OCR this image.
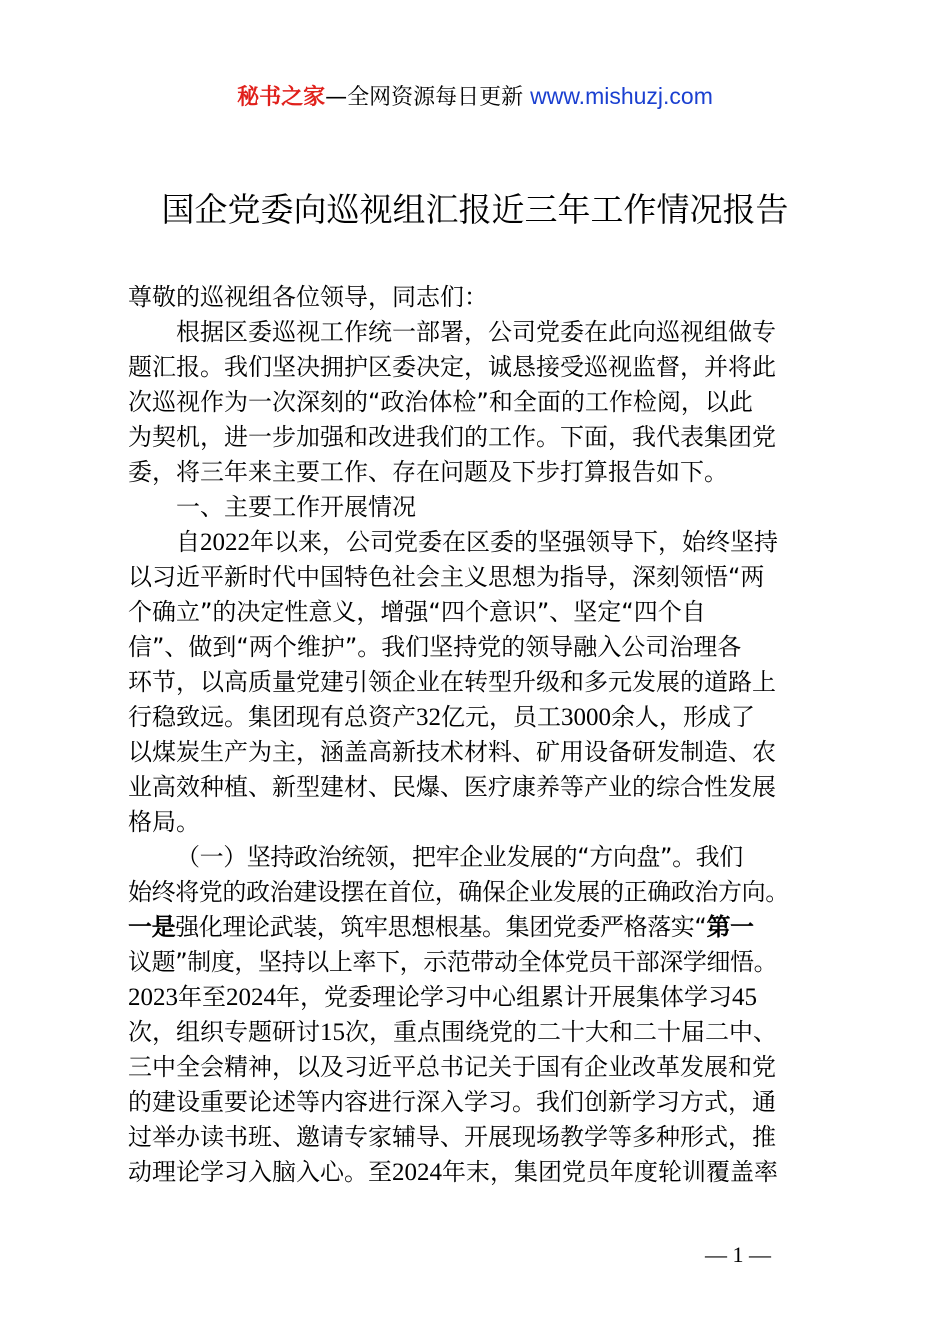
秘书之家—全网资源每日更新 www.mishuzj.com
国企党委向巡视组汇报近三年工作情况报告
尊敬的巡视组各位领导，同志们：
根据区委巡视工作统一部署，公司党委在此向巡视组做专
题汇报。我们坚决拥护区委决定，诚恳接受巡视监督，并将此
次巡视作为一次深刻的“政治体检”和全面的工作检阅，以此
为契机，进一步加强和改进我们的工作。下面，我代表集团党
委，将三年来主要工作、存在问题及下步打算报告如下。
一、主要工作开展情况
自2022年以来，公司党委在区委的坚强领导下，始终坚持
以习近平新时代中国特色社会主义思想为指导，深刻领悟“两
个确立”的决定性意义，增强“四个意识”、坚定“四个自
信”、做到“两个维护”。我们坚持党的领导融入公司治理各
环节，以高质量党建引领企业在转型升级和多元发展的道路上
行稳致远。集团现有总资产32亿元，员工3000余人，形成了
以煤炭生产为主，涵盖高新技术材料、矿用设备研发制造、农
业高效种植、新型建材、民爆、医疗康养等产业的综合性发展
格局。
（一）坚持政治统领，把牢企业发展的“方向盘”。我们
始终将党的政治建设摆在首位，确保企业发展的正确政治方向。
一是强化理论武装，筑牢思想根基。集团党委严格落实“第一
议题”制度，坚持以上率下，示范带动全体党员干部深学细悟。
2023年至2024年，党委理论学习中心组累计开展集体学习45
次，组织专题研讨15次，重点围绕党的二十大和二十届二中、
三中全会精神，以及习近平总书记关于国有企业改革发展和党
的建设重要论述等内容进行深入学习。我们创新学习方式，通
过举办读书班、邀请专家辅导、开展现场教学等多种形式，推
动理论学习入脑入心。至2024年末，集团党员年度轮训覆盖率
— 1 —
